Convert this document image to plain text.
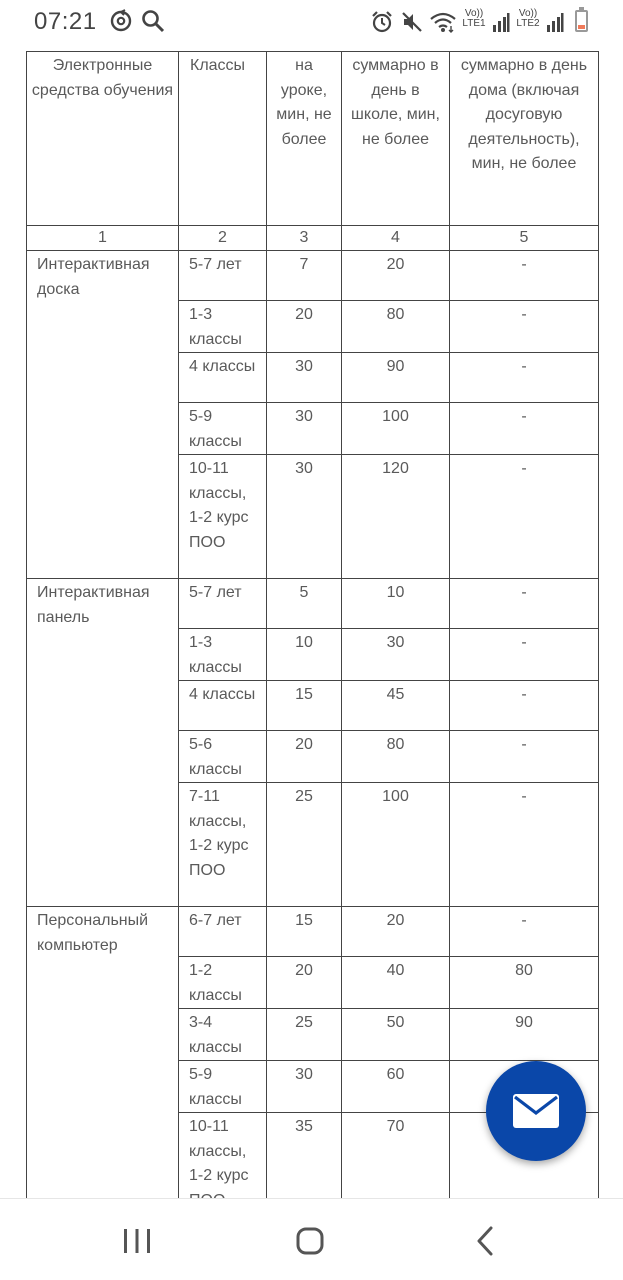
07:21	Vo))
LTE1
Vo))
LTE2
Электронные средства обучения	Классы	на уроке, мин, не более	суммарно в день в школе, мин, не более	суммарно в день дома (включая досуговую деятельность), мин, не более
1	2	3	4	5
Интерактивная доска	5-7 лет	7	20	-
	1-3 классы	20	80	-
	4 классы	30	90	-
	5-9 классы	30	100	-
	10-11 классы, 1-2 курс ПОО	30	120	-
Интерактивная панель	5-7 лет	5	10	-
	1-3 классы	10	30	-
	4 классы	15	45	-
	5-6 классы	20	80	-
	7-11 классы, 1-2 курс ПОО	25	100	-
Персональный компьютер	6-7 лет	15	20	-
	1-2 классы	20	40	80
	3-4 классы	25	50	90
	5-9 классы	30	60	
	10-11 классы, 1-2 курс	35	70	
